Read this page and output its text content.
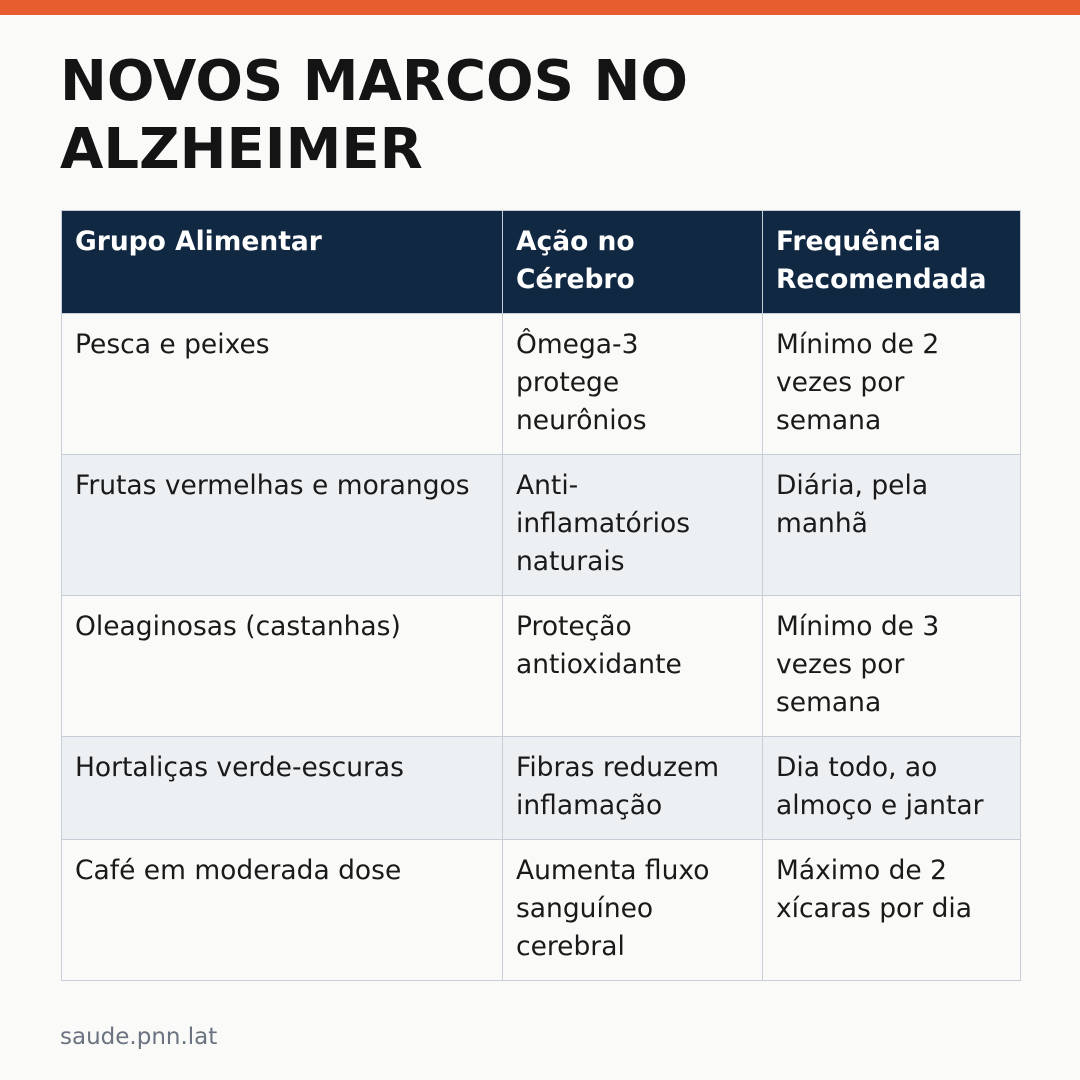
NOVOS MARCOS NO ALZHEIMER
Grupo Alimentar	Ação no Cérebro	Frequência Recomendada
Pesca e peixes	Ômega-3 protege neurônios	Mínimo de 2 vezes por semana
Frutas vermelhas e morangos	Anti-inflamatórios naturais	Diária, pela manhã
Oleaginosas (castanhas)	Proteção antioxidante	Mínimo de 3 vezes por semana
Hortaliças verde-escuras	Fibras reduzem inflamação	Dia todo, ao almoço e jantar
Café em moderada dose	Aumenta fluxo sanguíneo cerebral	Máximo de 2 xícaras por dia
saude.pnn.lat
